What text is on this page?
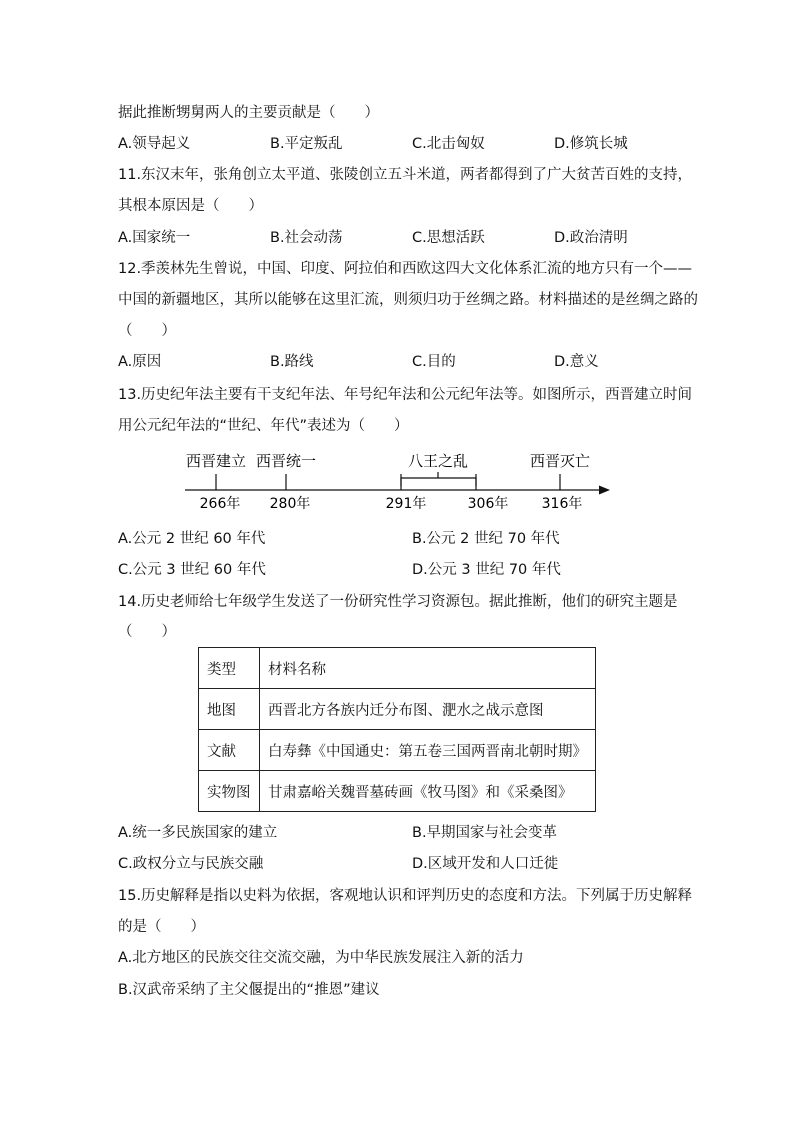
据此推断甥舅两人的主要贡献是（　　）
A.领导起义	B.平定叛乱	C.北击匈奴	D.修筑长城
11.东汉末年，张角创立太平道、张陵创立五斗米道，两者都得到了广大贫苦百姓的支持，
其根本原因是（　　）
A.国家统一	B.社会动荡	C.思想活跃	D.政治清明
12.季羡林先生曾说，中国、印度、阿拉伯和西欧这四大文化体系汇流的地方只有一个——
中国的新疆地区，其所以能够在这里汇流，则须归功于丝绸之路。材料描述的是丝绸之路的
（　　）
A.原因	B.路线	C.目的	D.意义
13.历史纪年法主要有干支纪年法、年号纪年法和公元纪年法等。如图所示，西晋建立时间
用公元纪年法的“世纪、年代”表述为（　　）
西晋建立 西晋统一	八王之乱	西晋灭亡
266年 280年	291年	306年 316年
A.公元 2 世纪 60 年代	B.公元 2 世纪 70 年代
C.公元 3 世纪 60 年代	D.公元 3 世纪 70 年代
14.历史老师给七年级学生发送了一份研究性学习资源包。据此推断，他们的研究主题是
（　　）
类型	材料名称
地图	西晋北方各族内迁分布图、淝水之战示意图
文献	白寿彝《中国通史：第五卷三国两晋南北朝时期》
实物图	甘肃嘉峪关魏晋墓砖画《牧马图》和《采桑图》
A.统一多民族国家的建立	B.早期国家与社会变革
C.政权分立与民族交融	D.区域开发和人口迁徙
15.历史解释是指以史料为依据，客观地认识和评判历史的态度和方法。下列属于历史解释
的是（　　）
A.北方地区的民族交往交流交融，为中华民族发展注入新的活力
B.汉武帝采纳了主父偃提出的“推恩”建议
